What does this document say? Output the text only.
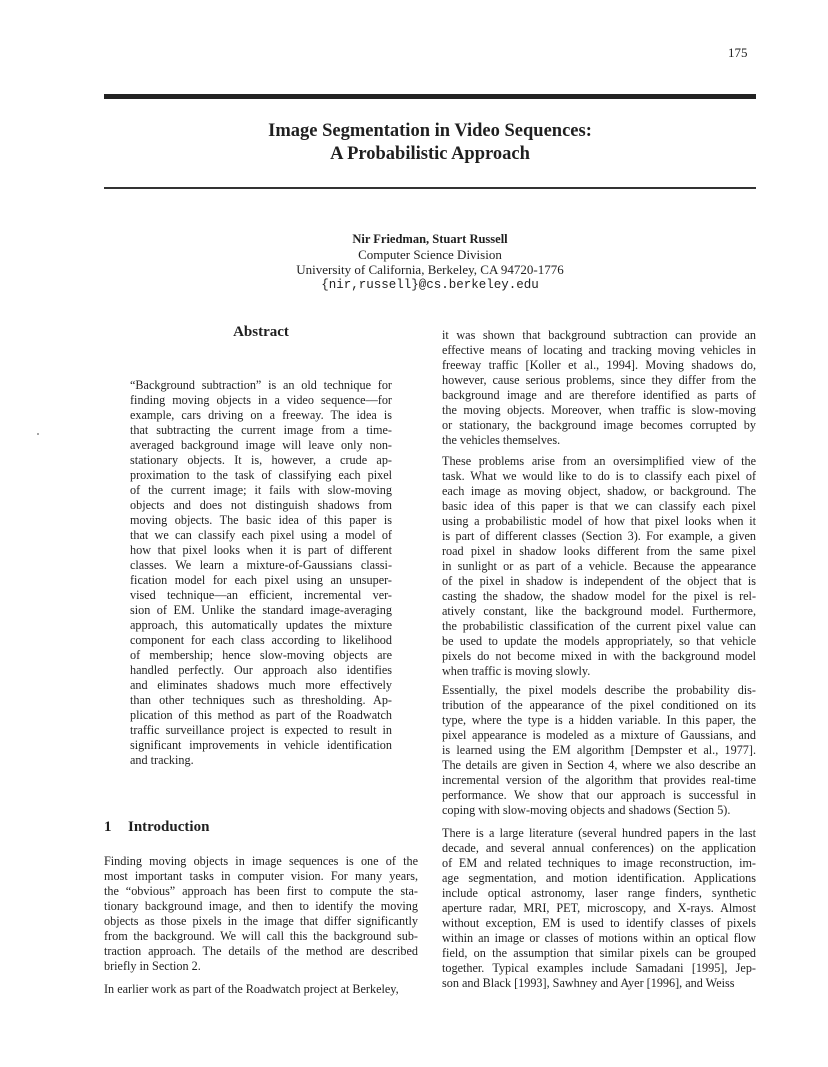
175
Image Segmentation in Video Sequences:
A Probabilistic Approach
Nir Friedman, Stuart Russell
Computer Science Division
University of California, Berkeley, CA 94720-1776
{nir,russell}@cs.berkeley.edu
Abstract
“Background subtraction” is an old technique for
finding moving objects in a video sequence—for
example, cars driving on a freeway. The idea is
that subtracting the current image from a time-
averaged background image will leave only non-
stationary objects. It is, however, a crude ap-
proximation to the task of classifying each pixel
of the current image; it fails with slow-moving
objects and does not distinguish shadows from
moving objects. The basic idea of this paper is
that we can classify each pixel using a model of
how that pixel looks when it is part of different
classes. We learn a mixture-of-Gaussians classi-
fication model for each pixel using an unsuper-
vised technique—an efficient, incremental ver-
sion of EM. Unlike the standard image-averaging
approach, this automatically updates the mixture
component for each class according to likelihood
of membership; hence slow-moving objects are
handled perfectly. Our approach also identifies
and eliminates shadows much more effectively
than other techniques such as thresholding. Ap-
plication of this method as part of the Roadwatch
traffic surveillance project is expected to result in
significant improvements in vehicle identification
and tracking.
1 Introduction
Finding moving objects in image sequences is one of the
most important tasks in computer vision. For many years,
the “obvious” approach has been first to compute the sta-
tionary background image, and then to identify the moving
objects as those pixels in the image that differ significantly
from the background. We will call this the background sub-
traction approach. The details of the method are described
briefly in Section 2.
In earlier work as part of the Roadwatch project at Berkeley,
it was shown that background subtraction can provide an
effective means of locating and tracking moving vehicles in
freeway traffic [Koller et al., 1994]. Moving shadows do,
however, cause serious problems, since they differ from the
background image and are therefore identified as parts of
the moving objects. Moreover, when traffic is slow-moving
or stationary, the background image becomes corrupted by
the vehicles themselves.
These problems arise from an oversimplified view of the
task. What we would like to do is to classify each pixel of
each image as moving object, shadow, or background. The
basic idea of this paper is that we can classify each pixel
using a probabilistic model of how that pixel looks when it
is part of different classes (Section 3). For example, a given
road pixel in shadow looks different from the same pixel
in sunlight or as part of a vehicle. Because the appearance
of the pixel in shadow is independent of the object that is
casting the shadow, the shadow model for the pixel is rel-
atively constant, like the background model. Furthermore,
the probabilistic classification of the current pixel value can
be used to update the models appropriately, so that vehicle
pixels do not become mixed in with the background model
when traffic is moving slowly.
Essentially, the pixel models describe the probability dis-
tribution of the appearance of the pixel conditioned on its
type, where the type is a hidden variable. In this paper, the
pixel appearance is modeled as a mixture of Gaussians, and
is learned using the EM algorithm [Dempster et al., 1977].
The details are given in Section 4, where we also describe an
incremental version of the algorithm that provides real-time
performance. We show that our approach is successful in
coping with slow-moving objects and shadows (Section 5).
There is a large literature (several hundred papers in the last
decade, and several annual conferences) on the application
of EM and related techniques to image reconstruction, im-
age segmentation, and motion identification. Applications
include optical astronomy, laser range finders, synthetic
aperture radar, MRI, PET, microscopy, and X-rays. Almost
without exception, EM is used to identify classes of pixels
within an image or classes of motions within an optical flow
field, on the assumption that similar pixels can be grouped
together. Typical examples include Samadani [1995], Jep-
son and Black [1993], Sawhney and Ayer [1996], and Weiss
